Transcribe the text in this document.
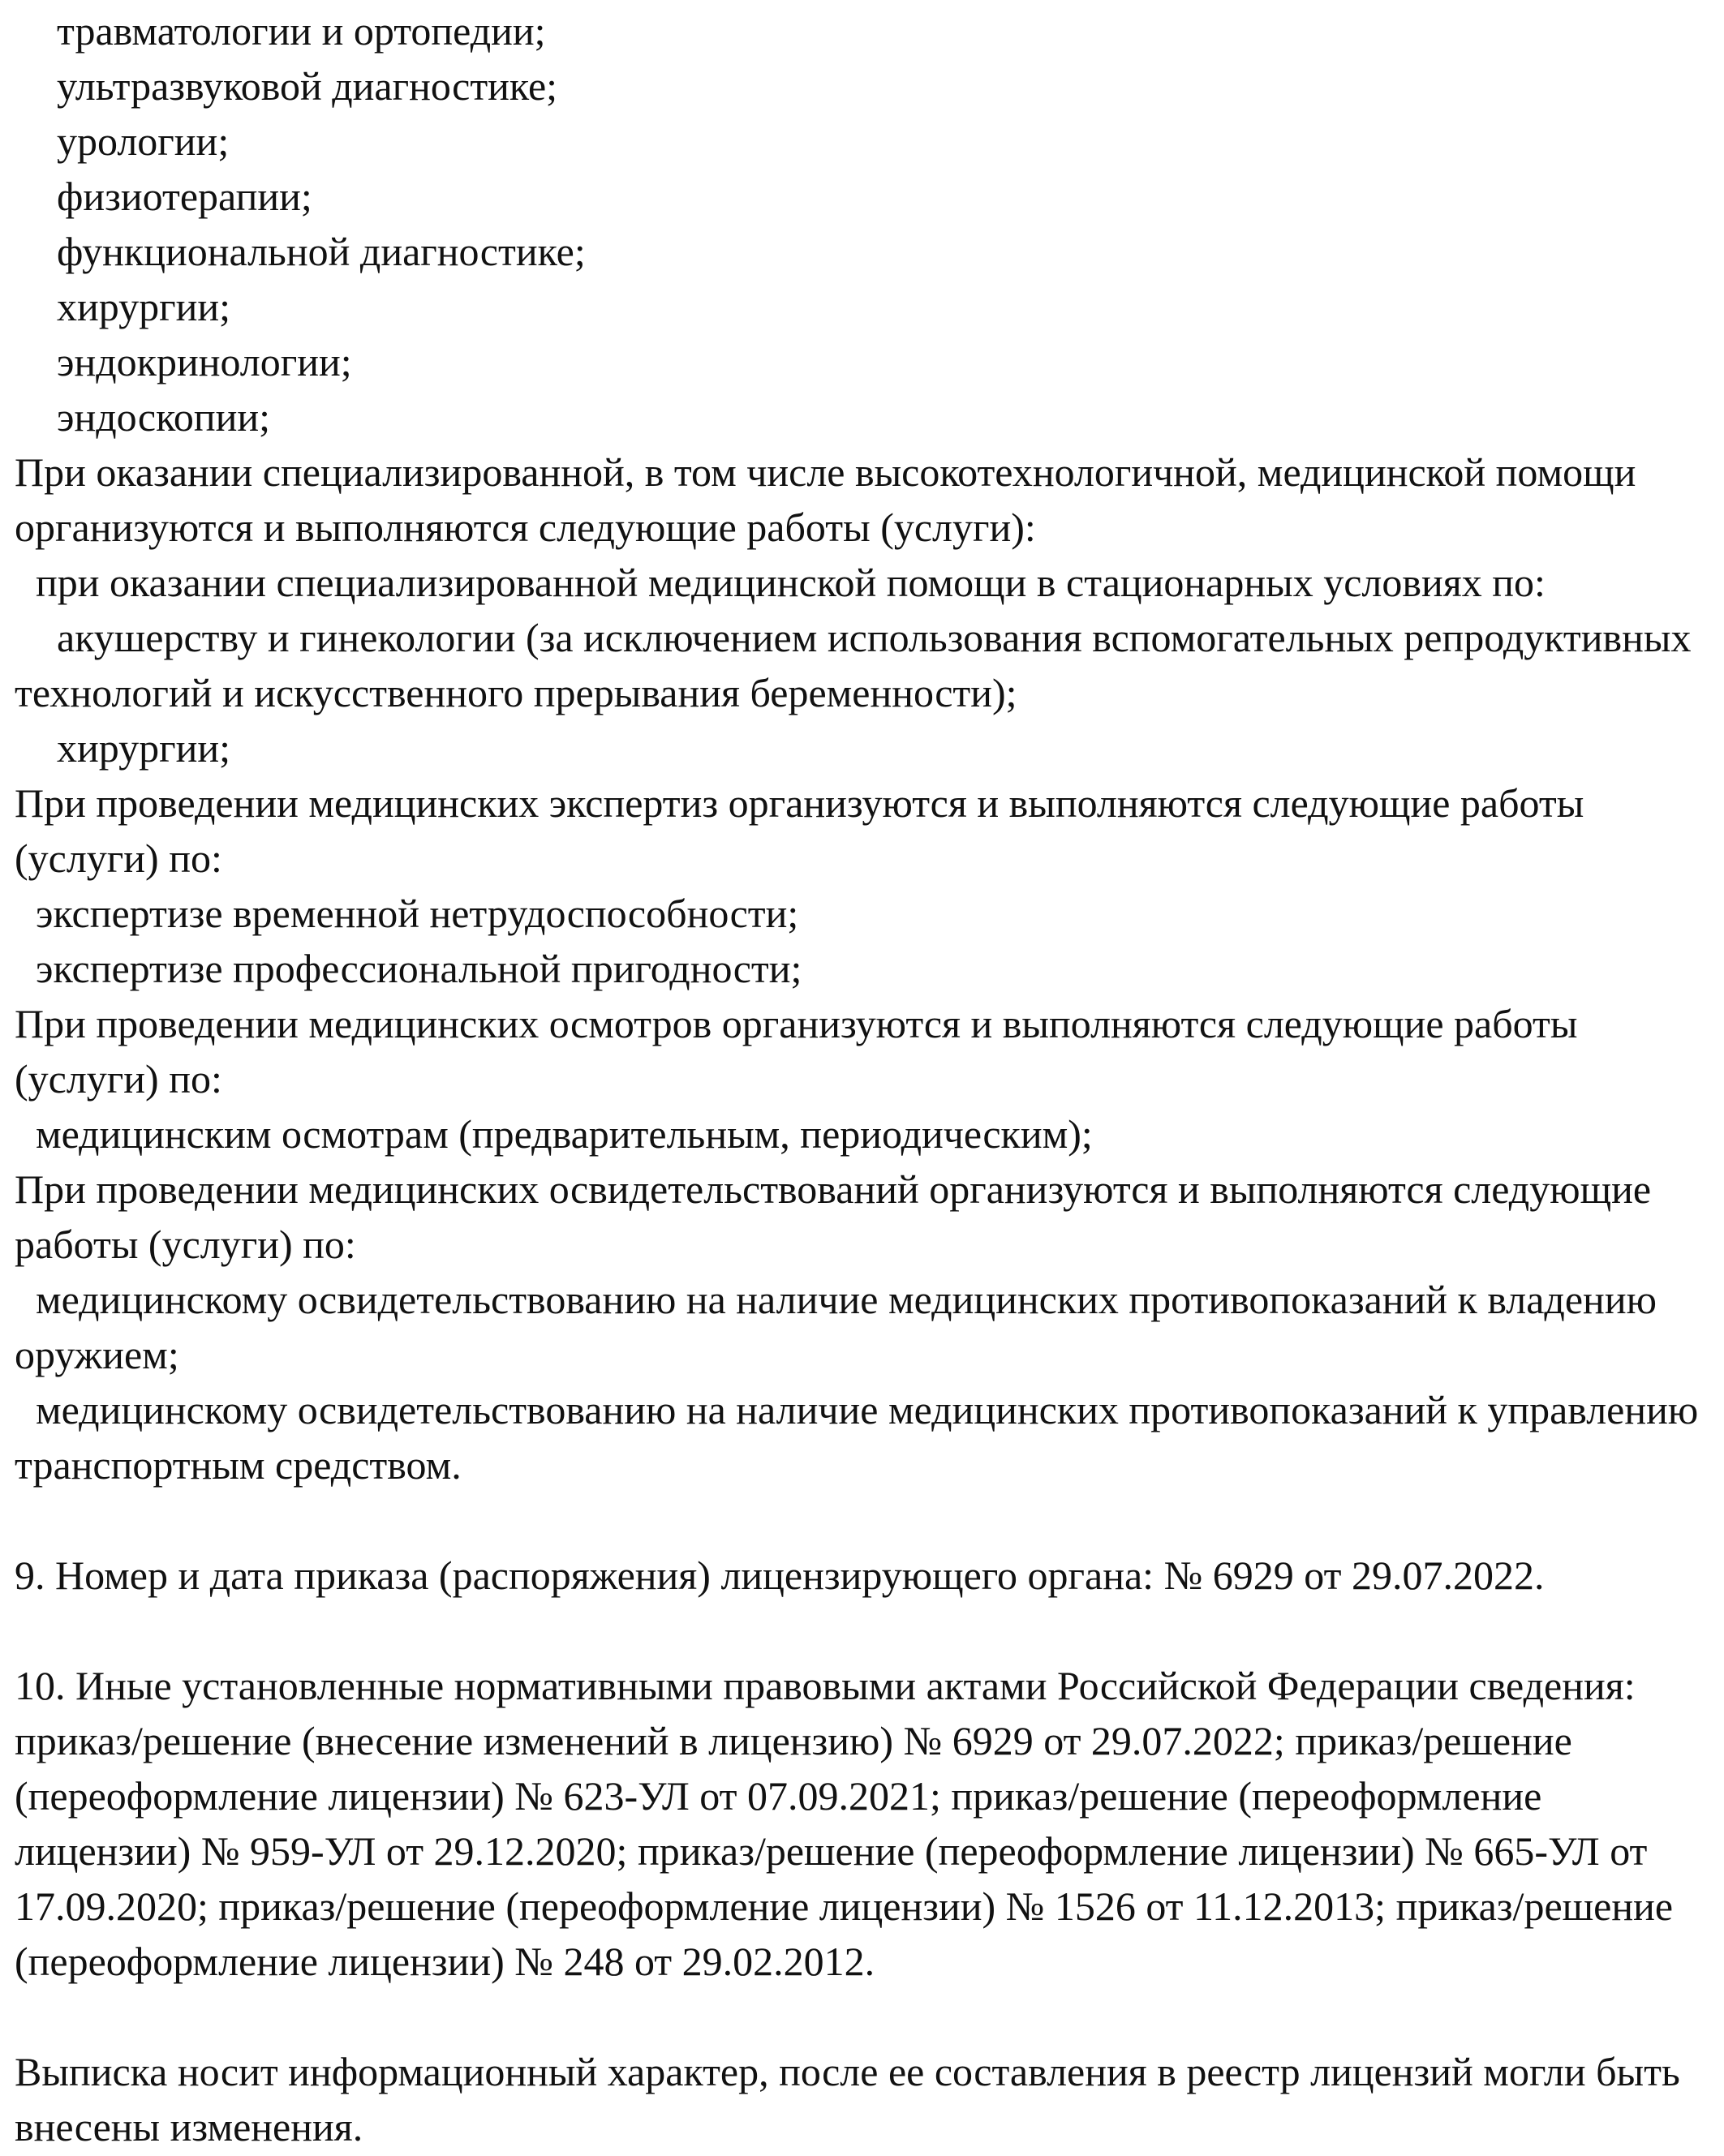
травматологии и ортопедии;
ультразвуковой диагностике;
урологии;
физиотерапии;
функциональной диагностике;
хирургии;
эндокринологии;
эндоскопии;
При оказании специализированной, в том числе высокотехнологичной, медицинской помощи
организуются и выполняются следующие работы (услуги):
при оказании специализированной медицинской помощи в стационарных условиях по:
акушерству и гинекологии (за исключением использования вспомогательных репродуктивных
технологий и искусственного прерывания беременности);
хирургии;
При проведении медицинских экспертиз организуются и выполняются следующие работы
(услуги) по:
экспертизе временной нетрудоспособности;
экспертизе профессиональной пригодности;
При проведении медицинских осмотров организуются и выполняются следующие работы
(услуги) по:
медицинским осмотрам (предварительным, периодическим);
При проведении медицинских освидетельствований организуются и выполняются следующие
работы (услуги) по:
медицинскому освидетельствованию на наличие медицинских противопоказаний к владению
оружием;
медицинскому освидетельствованию на наличие медицинских противопоказаний к управлению
транспортным средством.
9. Номер и дата приказа (распоряжения) лицензирующего органа: № 6929 от 29.07.2022.
10. Иные установленные нормативными правовыми актами Российской Федерации сведения:
приказ/решение (внесение изменений в лицензию) № 6929 от 29.07.2022; приказ/решение
(переоформление лицензии) № 623-УЛ от 07.09.2021; приказ/решение (переоформление
лицензии) № 959-УЛ от 29.12.2020; приказ/решение (переоформление лицензии) № 665-УЛ от
17.09.2020; приказ/решение (переоформление лицензии) № 1526 от 11.12.2013; приказ/решение
(переоформление лицензии) № 248 от 29.02.2012.
Выписка носит информационный характер, после ее составления в реестр лицензий могли быть
внесены изменения.
